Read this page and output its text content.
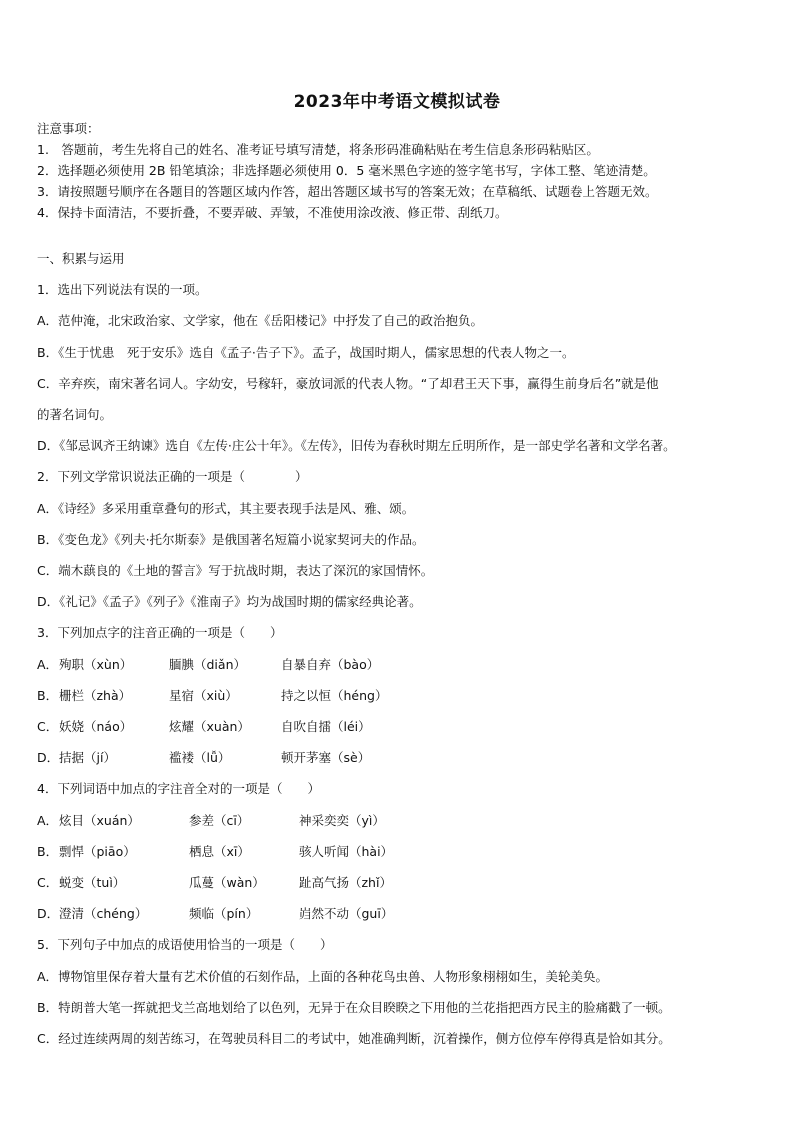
2023年中考语文模拟试卷
注意事项：
1.　答题前，考生先将自己的姓名、准考证号填写清楚，将条形码准确粘贴在考生信息条形码粘贴区。
2．选择题必须使用 2B 铅笔填涂；非选择题必须使用 0．5 毫米黑色字迹的签字笔书写，字体工整、笔迹清楚。
3．请按照题号顺序在各题目的答题区域内作答，超出答题区域书写的答案无效；在草稿纸、试题卷上答题无效。
4．保持卡面清洁，不要折叠，不要弄破、弄皱，不准使用涂改液、修正带、刮纸刀。
一、积累与运用
1．选出下列说法有误的一项。
A．范仲淹，北宋政治家、文学家，他在《岳阳楼记》中抒发了自己的政治抱负。
B．《生于忧患　死于安乐》选自《孟子·告子下》。孟子，战国时期人，儒家思想的代表人物之一。
C．辛弃疾，南宋著名词人。字幼安，号稼轩，豪放词派的代表人物。“了却君王天下事，赢得生前身后名”就是他
的著名词句。
D．《邹忌讽齐王纳谏》选自《左传·庄公十年》。《左传》，旧传为春秋时期左丘明所作，是一部史学名著和文学名著。
2．下列文学常识说法正确的一项是（　　　　）
A．《诗经》多采用重章叠句的形式，其主要表现手法是风、雅、颂。
B．《变色龙》《列夫·托尔斯泰》是俄国著名短篇小说家契诃夫的作品。
C．端木蕻良的《土地的誓言》写于抗战时期，表达了深沉的家国情怀。
D．《礼记》《孟子》《列子》《淮南子》均为战国时期的儒家经典论著。
3．下列加点字的注音正确的一项是（　　）
A．殉职（xùn）	腼腆（diǎn）	自暴自弃（bào）
B．栅栏（zhà）	星宿（xiù）	持之以恒（héng）
C．妖娆（náo）	炫耀（xuàn） 自吹自擂（léi）
D．拮据（jí）	褴褛（lǚ）	顿开茅塞（sè）
4．下列词语中加点的字注音全对的一项是（　　）
A．炫目（xuán）	参差（cī）	神采奕奕（yì）
B．剽悍（piāo）	栖息（xī）	骇人听闻（hài）
C．蜕变（tuì）	瓜蔓（wàn）	趾高气扬（zhǐ）
D．澄清（chéng）	频临（pín）	岿然不动（guī）
5．下列句子中加点的成语使用恰当的一项是（　　）
A．博物馆里保存着大量有艺术价值的石刻作品，上面的各种花鸟虫兽、人物形象栩栩如生，美轮美奂。
B．特朗普大笔一挥就把戈兰高地划给了以色列，无异于在众目睽睽之下用他的兰花指把西方民主的脸痛戳了一顿。
C．经过连续两周的刻苦练习，在驾驶员科目二的考试中，她准确判断，沉着操作，侧方位停车停得真是恰如其分。
